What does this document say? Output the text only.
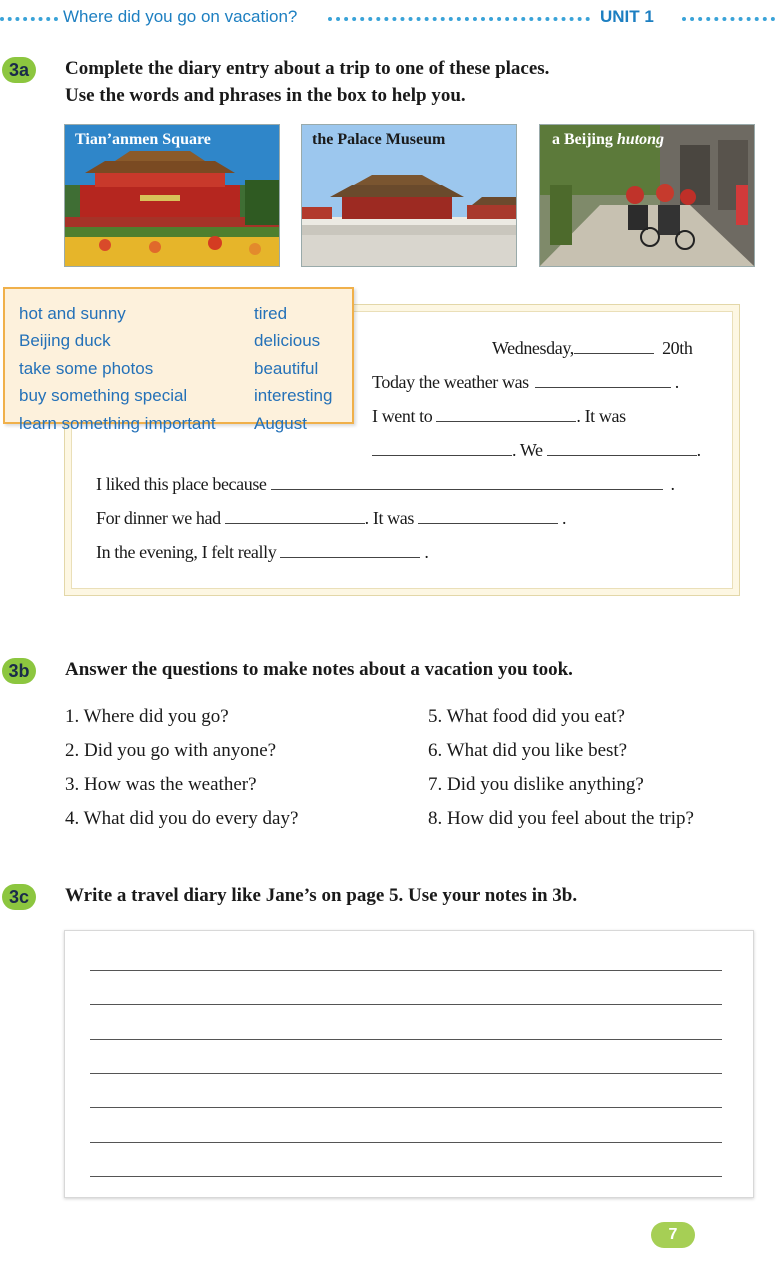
Where did you go on vacation?	UNIT 1
3a	Complete the diary entry about a trip to one of these places.
Use the words and phrases in the box to help you.
Tian’anmen Square	the Palace Museum	a Beijing hutong
Wednesday,	20th
Today the weather was	.
I went to	. It was
. We	.
I liked this place because	.
For dinner we had	. It was	.
In the evening, I felt really	.
hot and sunny
Beijing duck
take some photos
buy something special
learn something important
tired
delicious
beautiful
interesting
August
3b	Answer the questions to make notes about a vacation you took.
1. Where did you go?
2. Did you go with anyone?
3. How was the weather?
4. What did you do every day?
5. What food did you eat?
6. What did you like best?
7. Did you dislike anything?
8. How did you feel about the trip?
3c	Write a travel diary like Jane’s on page 5. Use your notes in 3b.
7
